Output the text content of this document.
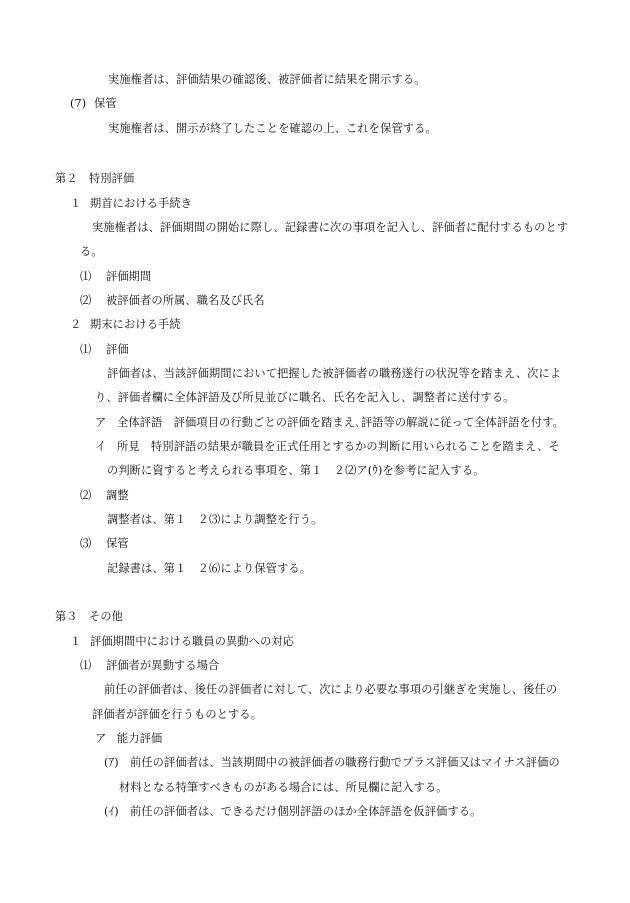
実施権者は、評価結果の確認後、被評価者に結果を開示する。
(7) 保管
実施権者は、開示が終了したことを確認の上、これを保管する。
第２ 特別評価
１ 期首における手続き
実施権者は、評価期間の開始に際し、記録書に次の事項を記入し、評価者に配付するものとす
る。
⑴ 評価期間
⑵ 被評価者の所属、職名及び氏名
２ 期末における手続
⑴ 評価
評価者は、当該評価期間において把握した被評価者の職務遂行の状況等を踏まえ、次によ
り、評価者欄に全体評語及び所見並びに職名、氏名を記入し、調整者に送付する。
ア 全体評語　評価項目の行動ごとの評価を踏まえ､評語等の解説に従って全体評語を付す。
イ 所見　特別評語の結果が職員を正式任用とするかの判断に用いられることを踏まえ、そ
の判断に資すると考えられる事項を、第１　２⑵ア(ｳ)を参考に記入する。
⑵ 調整
調整者は、第１　２⑶により調整を行う。
⑶ 保管
記録書は、第１　２⑹により保管する。
第３ その他
１ 評価期間中における職員の異動への対応
⑴ 評価者が異動する場合
前任の評価者は、後任の評価者に対して、次により必要な事項の引継ぎを実施し、後任の
評価者が評価を行うものとする。
ア 能力評価
(ｱ) 前任の評価者は、当該期間中の被評価者の職務行動でプラス評価又はマイナス評価の
材料となる特筆すべきものがある場合には、所見欄に記入する。
(ｲ) 前任の評価者は、できるだけ個別評語のほか全体評語を仮評価する。
